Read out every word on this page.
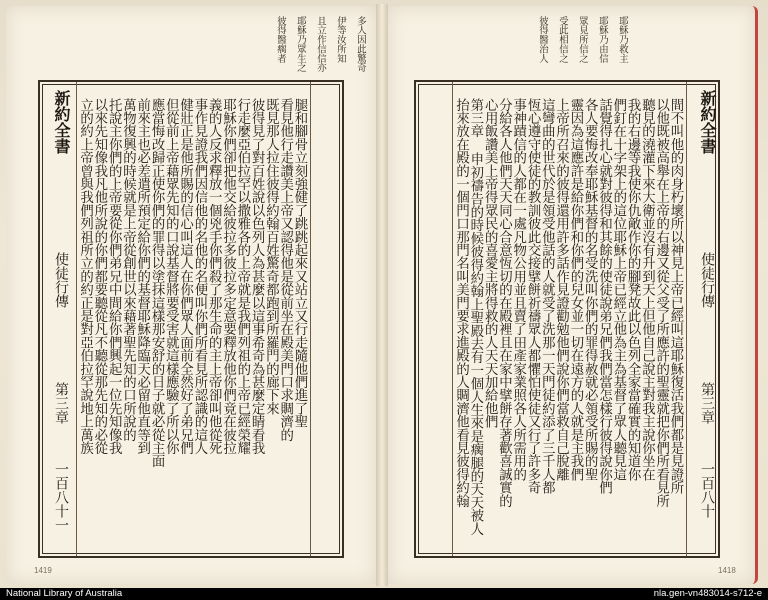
多人因此驚奇
伊等汝所知
且立作信信亦
耶穌乃眾生之
彼得醫瘸者
新約全書
使徒行傳
第三章
一百八十一
腿和腳骨立刻強健了跳跳起來又站立又行走隨他們進了聖
看見他行走讚美上帝又認得他是從前坐在殿美門口求賙濟的
既見那人拉住彼得約翰百姓驚奇都跑到所羅門的廊下來
彼得見了對百姓說以色列人為甚麼以這事希奇為甚麼定睛看我
行走麼亞伯拉罕以撒雅各的上帝就是我們列祖的上帝已經榮耀
耶穌你們卻把他交給彼拉多彼拉多定意要釋放他你們竟在彼拉
義的人反求釋放一個兇手你們殺了那生命的主上帝卻叫他從死
事作見證我們因信他的名他的名便叫你們所看見所認識的這人
健壯正是他所賜的信心叫這人在你們眾人面前全然好了弟兄們
但從前上帝藉眾先知的口說基督將要受害就這樣應驗了所以你
應當悔改歸正使你們的罪得以塗抹這樣那安舒的日子就必從主面
前來主也必差遣所預定給你們的基督耶穌降臨天必留他直等到
萬物復興的時候就是上帝從創世以來藉著聖先知的口所說的
托說主你們的上帝要從你們弟兄中間給你們興起一位先知像我
以來先知像我凡他所說的你們都要聽從凡不聽從那先知的必從
立的約上帝曾與我們列祖所立的約正是對亞伯拉罕說地上萬族
1419
耶穌乃救主
耶穌乃由信
眾見所信之
受此相信之
彼得醫治人
間不叫他的肉身朽壞所以神見上帝已經叫這耶穌復活我們都是見證所
以他既被高舉在上帝的右邊又從父受了所應許的聖靈就把你們所看見所
聽見的澆灌下來大衛並沒有升到天上但他自己說主對我主說你坐在
我的右邊等我使你仇敵作你的腳凳故此以色列全家當確實的知道你
們釘在十字架上的這位耶穌上帝已經立他為主為基督了眾人聽見這
話覺得扎心就對彼得和其餘的使徒說弟兄們我們當怎樣行彼得說你們
各人要悔改奉耶穌基督的名受洗叫你們的罪得赦就必領受所賜的聖
靈因為這應許是給你們和你們的兒女並一切在遠方的人就是主我們
上帝所召來的彼得還用許多話作見證勸勉他們說你們當救自己脫離
這彎曲的世代於是領受他話的人就受了洗那一天門徒約添了三千人都
恆心遵守使徒的教訓彼此交接擘餅祈禱眾人都懼怕使徒又行了許多奇
事神蹟信的人都在一處凡物公用並且賣了田產家業照各人所需用的
分給各人他們天天同心合意恆切的在殿裡且在家中擘餅存著歡喜誠實的
心用飯讚美上帝得眾民的喜愛主將得救的人天天加給他們
第三章 申初禱告的時候彼得約翰上聖殿去有一個人生來是瘸腿的天天被人
抬來放在殿的一個門口那門名叫美門要求進殿的人賙濟他看見彼得約翰	新約全書
使徒行傳
第三章
一百八十
1418
National Library of Australia	nla.gen-vn483014-s712-e
